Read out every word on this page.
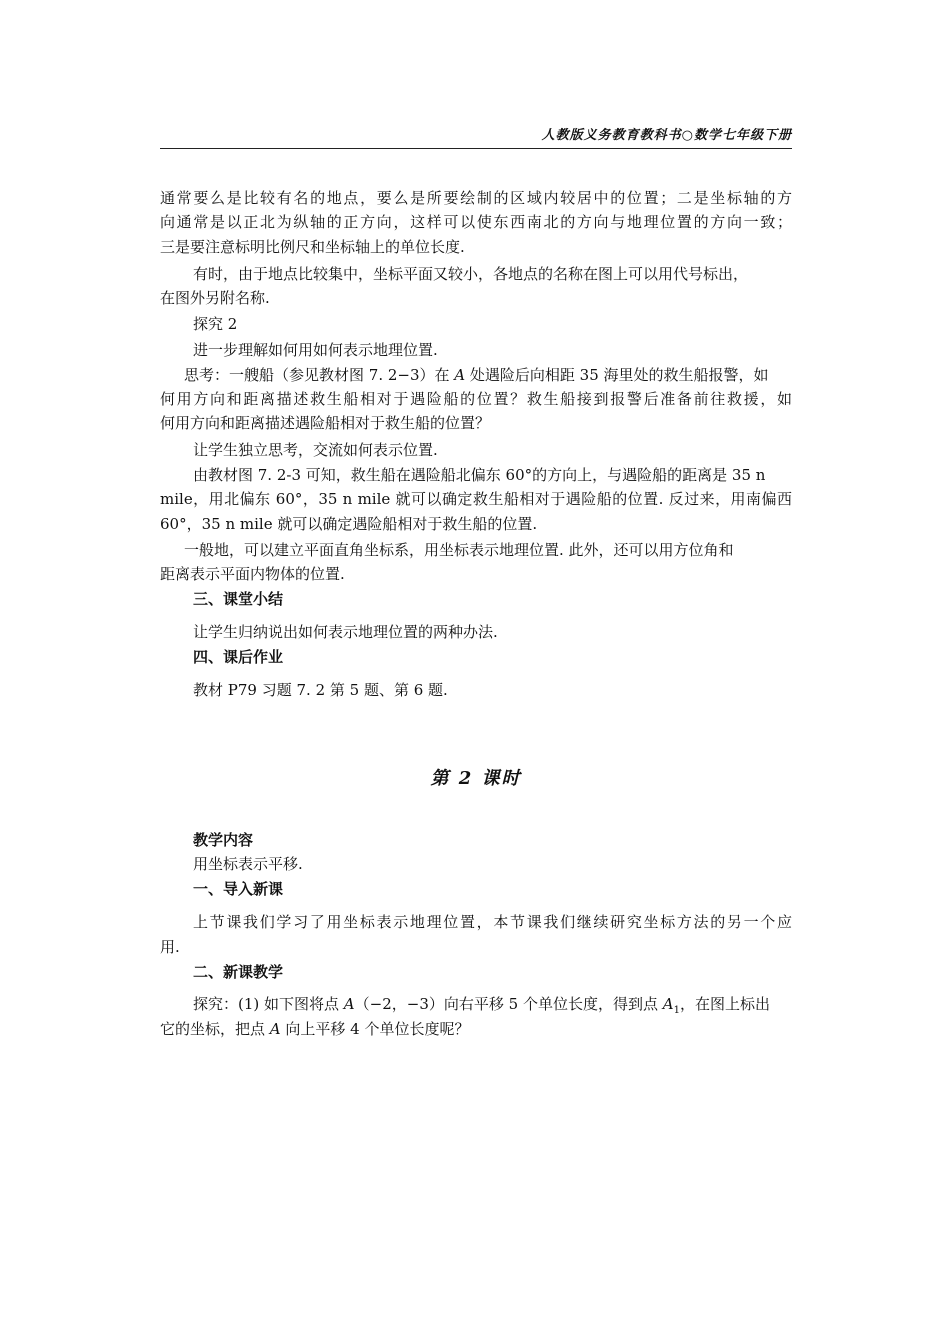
人教版义务教育教科书○数学七年级下册
通常要么是比较有名的地点，要么是所要绘制的区域内较居中的位置；二是坐标轴的方
向通常是以正北为纵轴的正方向，这样可以使东西南北的方向与地理位置的方向一致；
三是要注意标明比例尺和坐标轴上的单位长度.
有时，由于地点比较集中，坐标平面又较小，各地点的名称在图上可以用代号标出，
在图外另附名称.
探究 2
进一步理解如何用如何表示地理位置.
思考：一艘船（参见教材图 7. 2−3）在 A 处遇险后向相距 35 海里处的救生船报警，如
何用方向和距离描述救生船相对于遇险船的位置？救生船接到报警后准备前往救援，如
何用方向和距离描述遇险船相对于救生船的位置？
让学生独立思考，交流如何表示位置.
由教材图 7. 2-3 可知，救生船在遇险船北偏东 60°的方向上，与遇险船的距离是 35 n
mile，用北偏东 60°，35 n mile 就可以确定救生船相对于遇险船的位置. 反过来，用南偏西
60°，35 n mile 就可以确定遇险船相对于救生船的位置.
一般地，可以建立平面直角坐标系，用坐标表示地理位置. 此外，还可以用方位角和
距离表示平面内物体的位置.
三、课堂小结
让学生归纳说出如何表示地理位置的两种办法.
四、课后作业
教材 P79 习题 7. 2 第 5 题、第 6 题.
第 2 课时
教学内容
用坐标表示平移.
一、导入新课
上节课我们学习了用坐标表示地理位置，本节课我们继续研究坐标方法的另一个应
用.
二、新课教学
探究：(1) 如下图将点 A（−2，−3）向右平移 5 个单位长度，得到点 $A_1$，在图上标出
它的坐标，把点 A 向上平移 4 个单位长度呢？
